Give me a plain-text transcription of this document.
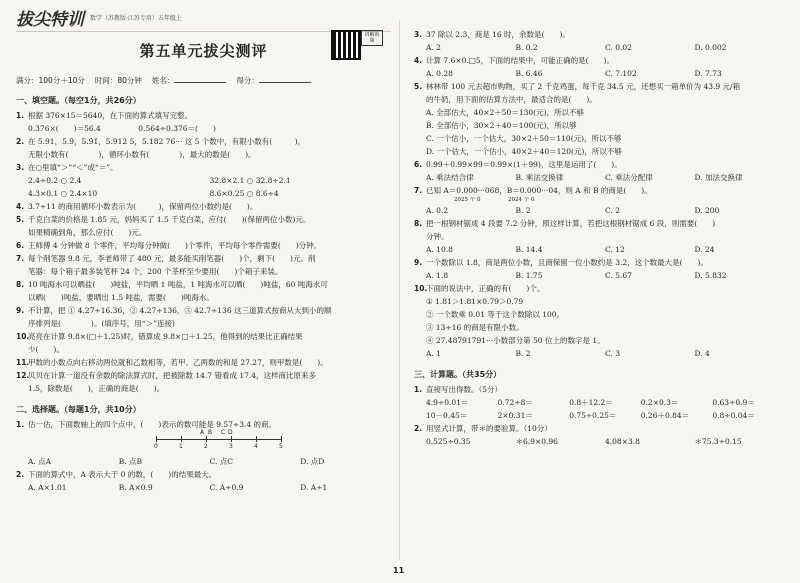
拔尖特训 数学（苏教版·江苏专用）五年级上
第五单元拔尖测评
讲解视频
满分：100分＋10分 时间：80分钟 姓名：	得分：
一、填空题。（每空1分，共26分）
1. 根据 376×15＝5640，在下面的算式填写完整。
0.376×(　　)＝56.4　　　　　0.564÷0.376＝(　　)
2. 在 5.91，5.9̇，5.9̇1̇，5.912 5，5.182 76··· 这 5 个数中，有限小数有(　　　)，
无限小数有(　　　　)，循环小数有(　　　　)，最大的数是(　　)。
3. 在○里填“＞”“＜”或“＝”。
2.4÷0.2 ○ 2.4	32.8×2.1 ○ 32.8÷2.1
4.3×0.1 ○ 2.4×10	8.6×0.25 ○ 8.6÷4
4. 3.7÷11 的商用循环小数表示为(　　　)，保留两位小数约是(　　)。
5. 千克白菜的价格是 1.85 元，妈妈买了 1.5 千克白菜，应付(　　)(保留两位小数)元。
如果精确到角，那么应付(　　)元。
6. 王师傅 4 分钟做 8 个零件，平均每分钟做(　　)个零件，平均每个零件需要(　　)分钟。
7. 每个削笔器 9.8 元，李老师带了 480 元，最多能买削笔器(　　)个，剩下(　　)元。削
笔器：每个箱子最多装笔杯 24 个，200 个茶杯至少要用(　　)个箱子来装。
8. 10 吨海水可以晒盐(　　)吨盐，平均晒 1 吨盐，1 吨海水可以晒(　　)吨盐，60 吨海水可
以晒(　　)吨盐，要晒出 1.5 吨盐，需要(　　)吨海水。
9. 不计算，把 ① 4.27÷16.36，② 4.27÷136，③ 42.7÷136 这三道算式按商从大到小的顺
序排列是(　　　　)。(填序号，用“＞”连接)
10.亮亮在计算 9.8×(□＋1.25)时，错算成 9.8×□＋1.25，他得到的结果比正确结果
少(　　)。
11.甲数的小数点向右移动两位就和乙数相等，若甲、乙两数的和是 27.27，则甲数是(　　)。
12.贝贝在计算一道没有余数的除法算式时，把被除数 14.7 错看成 17.4，这样商比原来多
1.5，除数是(　　)，正确的商是(　　)。
二、选择题。（每题1分，共10分）
1. 估一估，下面数轴上的四个点中，(　　)表示的数可能是 9.57÷3.4 的商。
0	1	2	3	4	5
A B C D
A. 点A	B. 点B	C. 点C	D. 点D
2. 下面的算式中，A 表示大于 0 的数，(　　)的结果最大。
A. A×1.01	B. A×0.9	C. A÷0.9	D. A÷1
3. 37 除以 2.3，商是 16 时，余数是(　　)。
A. 2	B. 0.2	C. 0.02	D. 0.002
4. 计算 7.6×0.□5，下面的结果中，可能正确的是(　　)。
A. 0.28	B. 6.46	C. 7.102	D. 7.73
5. 林林带 100 元去超市购物，买了 2 千克鸡蛋，每千克 34.5 元，还想买一箱单价为 43.9 元/箱
的牛奶，用下面的估算方法中，最适合的是(　　)。
A. 全部估大，40×2＋50＝130(元)，所以不够
B. 全部估小，30×2＋40＝100(元)，所以够
C. 一个估小，一个估大，30×2＋50＝110(元)，所以不够
D. 一个估大，一个估小，40×2＋40＝120(元)，所以不够
6. 0.99＋0.99×99＝0.99×(1＋99)，这里是运用了(　　)。
A. 乘法结合律	B. 乘法交换律	C. 乘法分配律	D. 加法交换律
7. 已知 A＝0.000···068，B＝0.000···04，则 A 和 B 的商是(　　)。
2025 个 0　　　　　2024 个 0
A. 0.2	B. 2	C. 2	D. 200
8. 把一根钢材锯成 4 段要 7.2 分钟，照这样计算，若把这根钢材锯成 6 段，则需要(　　)
分钟。
A. 10.8	B. 14.4	C. 12	D. 24
9. 一个数除以 1.8，商是两位小数，且商保留一位小数约是 3.2，这个数最大是(　　)。
A. 1.8	B. 1.75	C. 5.67	D. 5.832
10.下面的说法中，正确的有(　　)个。
① 1.81＞1.81×0.79＞0.79
② 一个数乘 0.01 等于这个数除以 100。
③ 13÷16 的商是有限小数。
④ 27.48791791···小数部分第 50 位上的数字是 1。
A. 1	B. 2	C. 3	D. 4
三、计算题。（共35分）
1. 直接写出得数。（5分）
4.9÷0.01＝	0.72÷8＝	0.8＋12.2＝	0.2×0.3＝	0.63÷0.9＝
10－0.45＝	2×0.31＝	0.75÷0.25＝	0.26＋0.84＝	0.8÷0.04＝
2. 用竖式计算，带＊的要验算。（10分）
0.525÷0.35	＊6.9×0.96	4.08×3.8	＊75.3÷0.15
11
